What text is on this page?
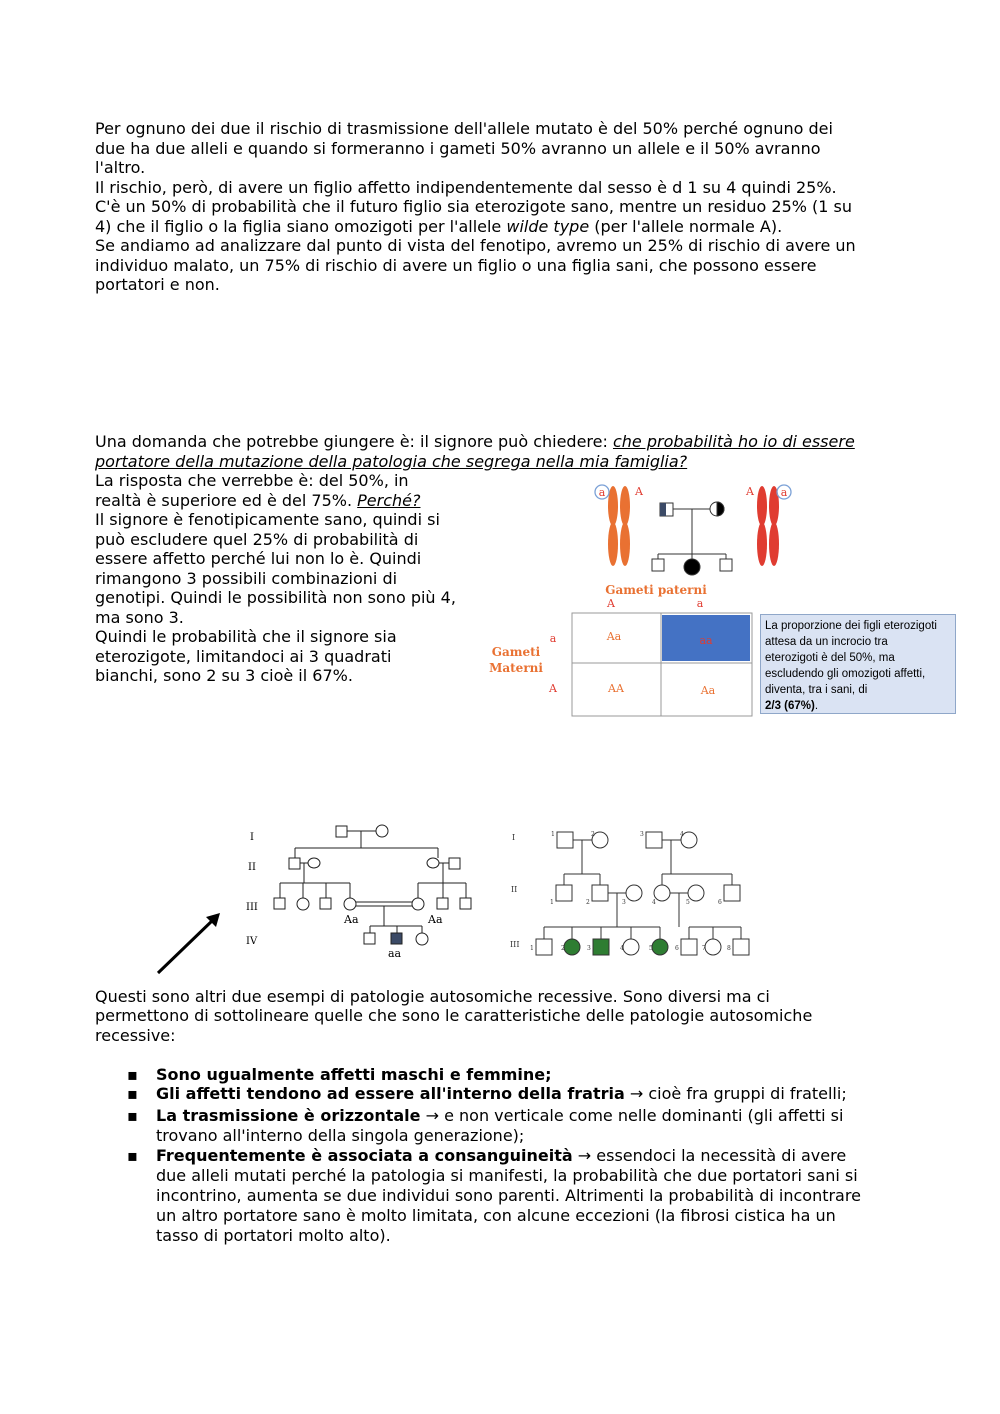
Per ognuno dei due il rischio di trasmissione dell'allele mutato è del 50% perché ognuno dei

due ha due alleli e quando si formeranno i gameti 50% avranno un allele e il 50% avranno

l'altro.

Il rischio, però, di avere un figlio affetto indipendentemente dal sesso è d 1 su 4 quindi 25%.

C'è un 50% di probabilità che il futuro figlio sia eterozigote sano, mentre un residuo 25% (1 su

4) che il figlio o la figlia siano omozigoti per l'allele wilde type (per l'allele normale A).

Se andiamo ad analizzare dal punto di vista del fenotipo, avremo un 25% di rischio di avere un

individuo malato, un 75% di rischio di avere un figlio o una figlia sani, che possono essere

portatori e non.

Una domanda che potrebbe giungere è: il signore può chiedere: che probabilità ho io di essere

portatore della mutazione della patologia che segrega nella mia famiglia?

La risposta che verrebbe è: del 50%, in

realtà è superiore ed è del 75%. Perché?

Il signore è fenotipicamente sano, quindi si

può escludere quel 25% di probabilità di

essere affetto perché lui non lo è. Quindi

rimangono 3 possibili combinazioni di

genotipi. Quindi le possibilità non sono più 4,

ma sono 3.

Quindi le probabilità che il signore sia

eterozigote, limitandoci ai 3 quadrati

bianchi, sono 2 su 3 cioè il 67%.

a	A	A a
Gameti paterni
A	a
Gameti
Materni
a
A
Aa	aa
AA	Aa
La proporzione dei figli eterozigoti
attesa da un incrocio tra
eterozigoti è del 50%, ma
escludendo gli omozigoti affetti,
diventa, tra i sani, di
2/3 (67%).
I
II
III
IV
Aa	Aa
aa
I
II
III
1	2	3	4
1	2	3	4	5	6
1	2	3	4	5	6	7	8

Questi sono altri due esempi di patologie autosomiche recessive. Sono diversi ma ci

permettono di sottolineare quelle che sono le caratteristiche delle patologie autosomiche

recessive:

▪ Sono ugualmente affetti maschi e femmine;
▪ Gli affetti tendono ad essere all'interno della fratria → cioè fra gruppi di fratelli;
▪ La trasmissione è orizzontale → e non verticale come nelle dominanti (gli affetti si
trovano all'interno della singola generazione);
▪ Frequentemente è associata a consanguineità → essendoci la necessità di avere
due alleli mutati perché la patologia si manifesti, la probabilità che due portatori sani si
incontrino, aumenta se due individui sono parenti. Altrimenti la probabilità di incontrare
un altro portatore sano è molto limitata, con alcune eccezioni (la fibrosi cistica ha un
tasso di portatori molto alto).
